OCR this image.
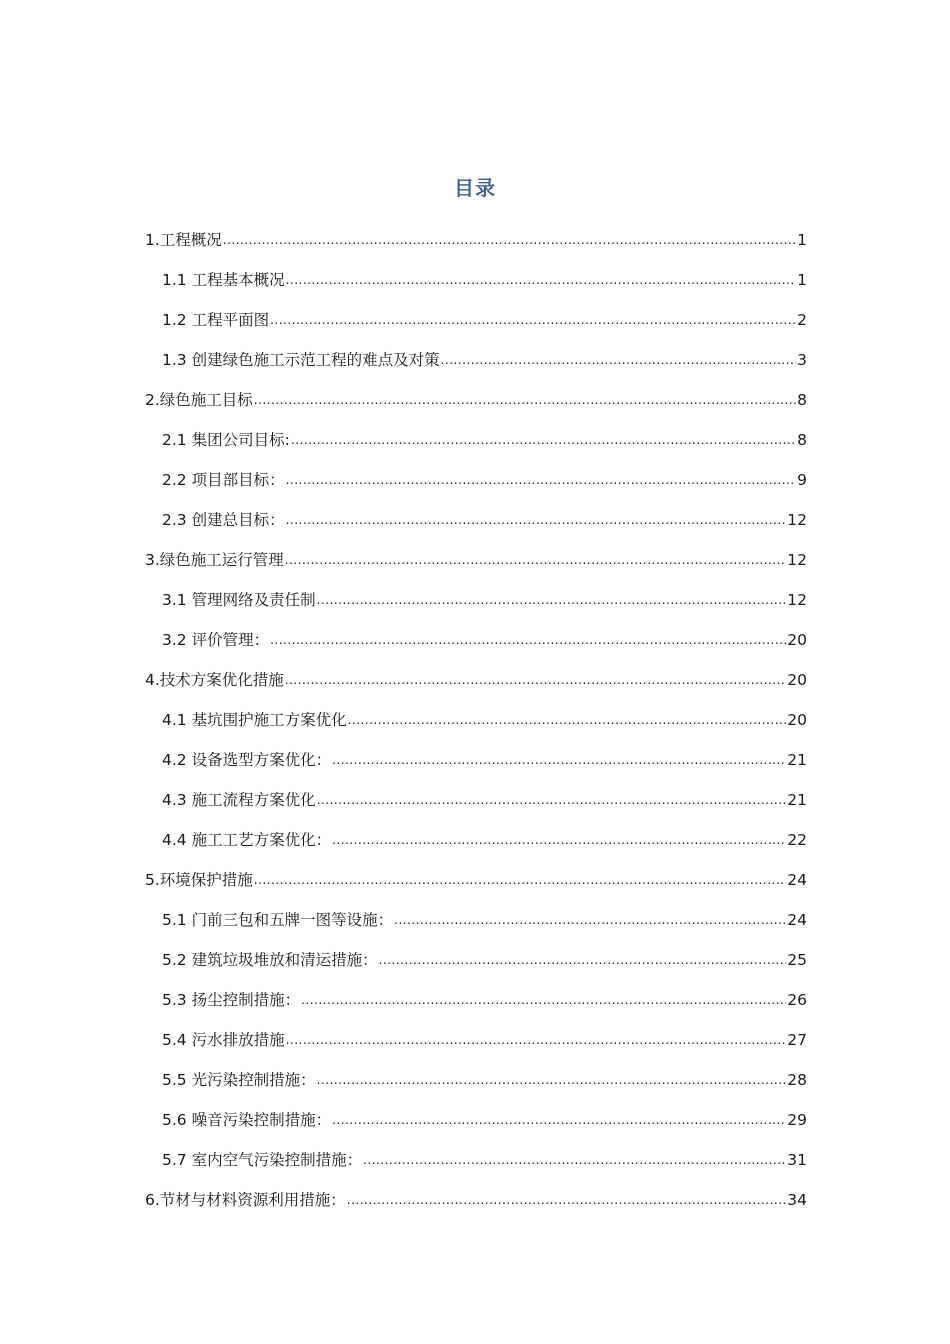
目录
1.工程概况 .....	1
1.1 工程基本概况 .....	1
1.2 工程平面图 .....	2
1.3 创建绿色施工示范工程的难点及对策 .....	3
2.绿色施工目标 .....	8
2.1 集团公司目标: .....	8
2.2 项目部目标： .....	9
2.3 创建总目标： .....	12
3.绿色施工运行管理 .....	12
3.1 管理网络及责任制 .....	12
3.2 评价管理： .....	20
4.技术方案优化措施 .....	20
4.1 基坑围护施工方案优化 .....	20
4.2 设备选型方案优化： .....	21
4.3 施工流程方案优化 .....	21
4.4 施工工艺方案优化： .....	22
5.环境保护措施 .....	24
5.1 门前三包和五牌一图等设施： .....	24
5.2 建筑垃圾堆放和清运措施： .....	25
5.3 扬尘控制措施： .....	26
5.4 污水排放措施 .....	27
5.5 光污染控制措施： .....	28
5.6 噪音污染控制措施： .....	29
5.7 室内空气污染控制措施： .....	31
6.节材与材料资源利用措施： .....	34
